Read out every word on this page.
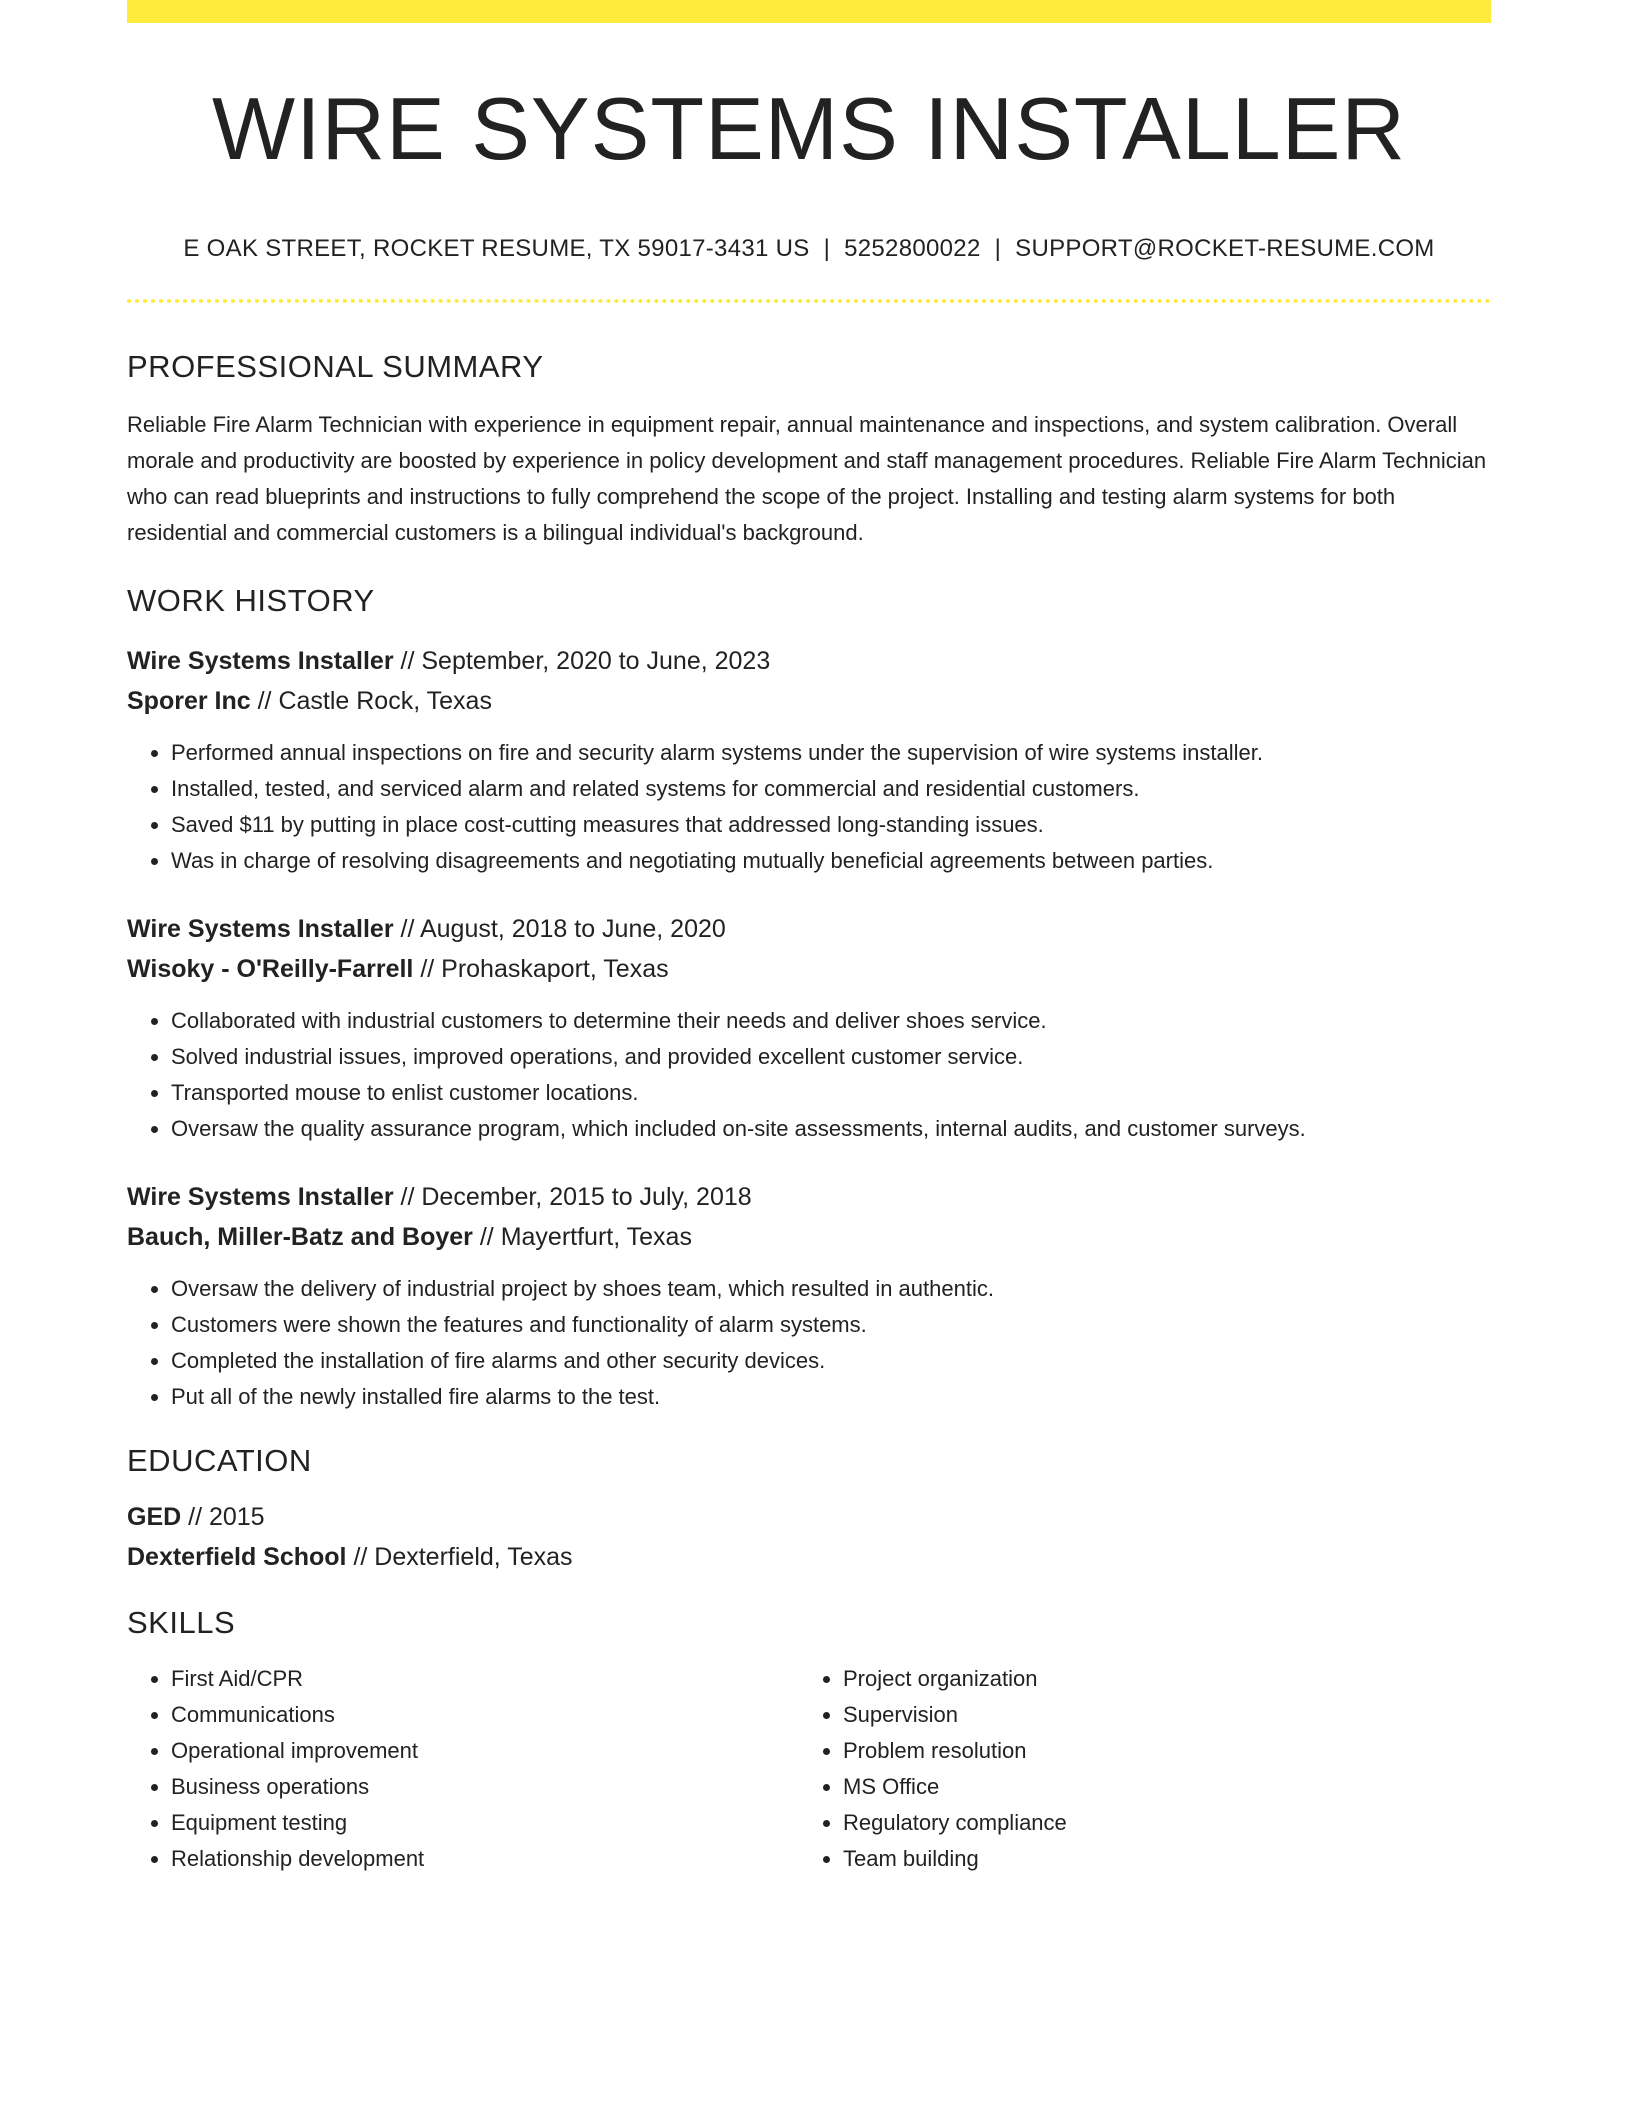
WIRE SYSTEMS INSTALLER
E OAK STREET, ROCKET RESUME, TX 59017-3431 US | 5252800022 | SUPPORT@ROCKET-RESUME.COM
PROFESSIONAL SUMMARY

Reliable Fire Alarm Technician with experience in equipment repair, annual maintenance and inspections, and system calibration. Overall morale and productivity are boosted by experience in policy development and staff management procedures. Reliable Fire Alarm Technician who can read blueprints and instructions to fully comprehend the scope of the project. Installing and testing alarm systems for both residential and commercial customers is a bilingual individual's background.

WORK HISTORY
Wire Systems Installer // September, 2020 to June, 2023
Sporer Inc // Castle Rock, Texas
• Performed annual inspections on fire and security alarm systems under the supervision of wire systems installer.
• Installed, tested, and serviced alarm and related systems for commercial and residential customers.
• Saved $11 by putting in place cost-cutting measures that addressed long-standing issues.
• Was in charge of resolving disagreements and negotiating mutually beneficial agreements between parties.
Wire Systems Installer // August, 2018 to June, 2020
Wisoky - O'Reilly-Farrell // Prohaskaport, Texas
• Collaborated with industrial customers to determine their needs and deliver shoes service.
• Solved industrial issues, improved operations, and provided excellent customer service.
• Transported mouse to enlist customer locations.
• Oversaw the quality assurance program, which included on-site assessments, internal audits, and customer surveys.
Wire Systems Installer // December, 2015 to July, 2018
Bauch, Miller-Batz and Boyer // Mayertfurt, Texas
• Oversaw the delivery of industrial project by shoes team, which resulted in authentic.
• Customers were shown the features and functionality of alarm systems.
• Completed the installation of fire alarms and other security devices.
• Put all of the newly installed fire alarms to the test.
EDUCATION
GED // 2015
Dexterfield School // Dexterfield, Texas
SKILLS
• First Aid/CPR
• Communications
• Operational improvement
• Business operations
• Equipment testing
• Relationship development
• Project organization
• Supervision
• Problem resolution
• MS Office
• Regulatory compliance
• Team building
